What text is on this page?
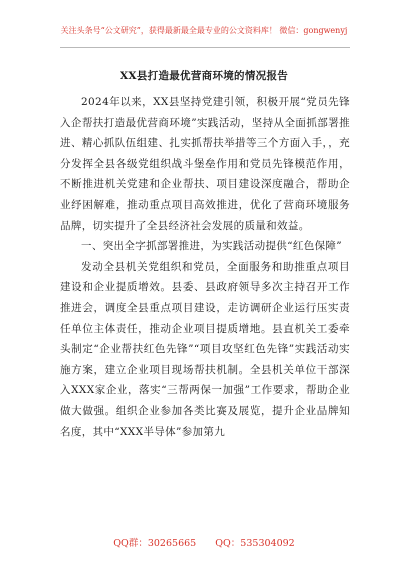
关注头条号“公文研究”，获得最新最全最专业的公文资料库！ 微信：gongwenyj
XX县打造最优营商环境的情况报告

2024年以来，XX县坚持党建引领，积极开展“党员先锋入企帮扶打造最优营商环境”实践活动，坚持从全面抓部署推进、精心抓队伍组建、扎实抓帮扶举措等三个方面入手，，充分发挥全县各级党组织战斗堡垒作用和党员先锋模范作用，不断推进机关党建和企业帮扶、项目建设深度融合，帮助企业纾困解难，推动重点项目高效推进，优化了营商环境服务品牌，切实提升了全县经济社会发展的质量和效益。

一、突出全字抓部署推进，为实践活动提供“红色保障”

发动全县机关党组织和党员，全面服务和助推重点项目建设和企业提质增效。县委、县政府领导多次主持召开工作推进会，调度全县重点项目建设，走访调研企业运行压实责任单位主体责任，推动企业项目提质增地。县直机关工委牵头制定“企业帮扶红色先锋”“项目攻坚红色先锋”实践活动实施方案，建立企业项目现场帮扶机制。全县机关单位干部深入XXX家企业，落实“三帮两保一加强”工作要求，帮助企业做大做强。组织企业参加各类比赛及展览，提升企业品牌知名度，其中“XXX半导体”参加第九

QQ群：30265665 QQ：535304092
